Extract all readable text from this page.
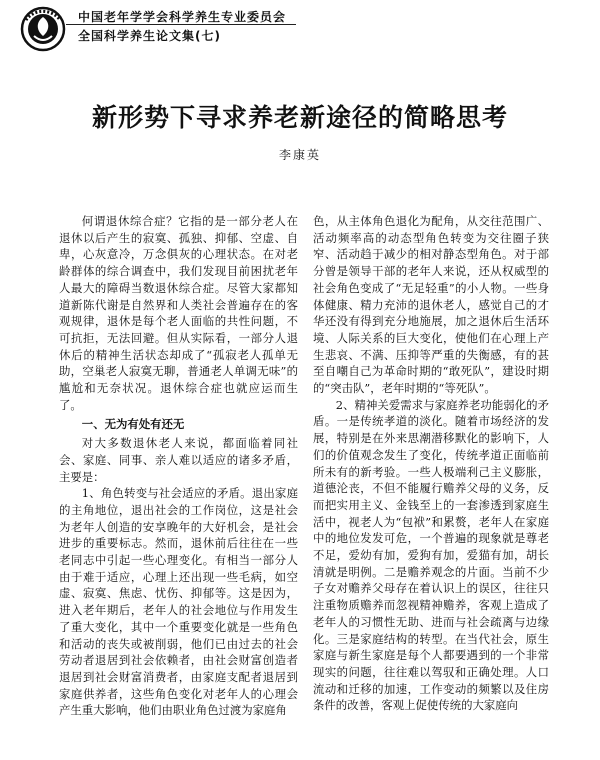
中国老年学学会科学养生专业委员会
全国科学养生论文集(七)
新形势下寻求养老新途径的简略思考
李康英

何谓退休综合症？它指的是一部分老人在退休以后产生的寂寞、孤独、抑郁、空虚、自卑，心灰意冷，万念俱灰的心理状态。在对老龄群体的综合调查中，我们发现目前困扰老年人最大的障碍当数退休综合症。尽管大家都知道新陈代谢是自然界和人类社会普遍存在的客观规律，退休是每个老人面临的共性问题，不可抗拒，无法回避。但从实际看，一部分人退休后的精神生活状态却成了“孤寂老人孤单无助，空巢老人寂寞无聊，普通老人单调无味”的尴尬和无奈状况。退休综合症也就应运而生了。

一、无为有处有还无

对大多数退休老人来说，都面临着同社会、家庭、同事、亲人难以适应的诸多矛盾，主要是：

1、角色转变与社会适应的矛盾。退出家庭的主角地位，退出社会的工作岗位，这是社会为老年人创造的安享晚年的大好机会，是社会进步的重要标志。然而，退休前后往往在一些老同志中引起一些心理变化。有相当一部分人由于难于适应，心理上还出现一些毛病，如空虚、寂寞、焦虑、忧伤、抑郁等。这是因为，进入老年期后，老年人的社会地位与作用发生了重大变化，其中一个重要变化就是一些角色和活动的丧失或被削弱，他们已由过去的社会劳动者退居到社会依赖者，由社会财富创造者退居到社会财富消费者，由家庭支配者退居到家庭供养者，这些角色变化对老年人的心理会产生重大影响，他们由职业角色过渡为家庭角

色，从主体角色退化为配角，从交往范围广、活动频率高的动态型角色转变为交往圈子狭窄、活动趋于减少的相对静态型角色。对于部分曾是领导干部的老年人来说，还从权威型的社会角色变成了“无足轻重”的小人物。一些身体健康、精力充沛的退休老人，感觉自己的才华还没有得到充分地施展，加之退休后生活环境、人际关系的巨大变化，使他们在心理上产生悲哀、不满、压抑等严重的失衡感，有的甚至自嘲自己为革命时期的“敢死队”，建设时期的“突击队”，老年时期的“等死队”。

2、精神关爱需求与家庭养老功能弱化的矛盾。一是传统孝道的淡化。随着市场经济的发展，特别是在外来思潮潜移默化的影响下，人们的价值观念发生了变化，传统孝道正面临前所未有的新考验。一些人极端利己主义膨胀，道德沦丧，不但不能履行赡养父母的义务，反而把实用主义、金钱至上的一套渗透到家庭生活中，视老人为“包袱”和累赘，老年人在家庭中的地位发发可危，一个普遍的现象就是尊老不足，爱幼有加，爱狗有加，爱猫有加，胡长清就是明例。二是赡养观念的片面。当前不少子女对赡养父母存在着认识上的误区，往往只注重物质赡养而忽视精神赡养，客观上造成了老年人的习惯性无助、进而与社会疏离与边缘化。三是家庭结构的转型。在当代社会，原生家庭与新生家庭是每个人都要遇到的一个非常现实的问题，往往难以驾驭和正确处理。人口流动和迁移的加速，工作变动的频繁以及住房条件的改善，客观上促使传统的大家庭向
